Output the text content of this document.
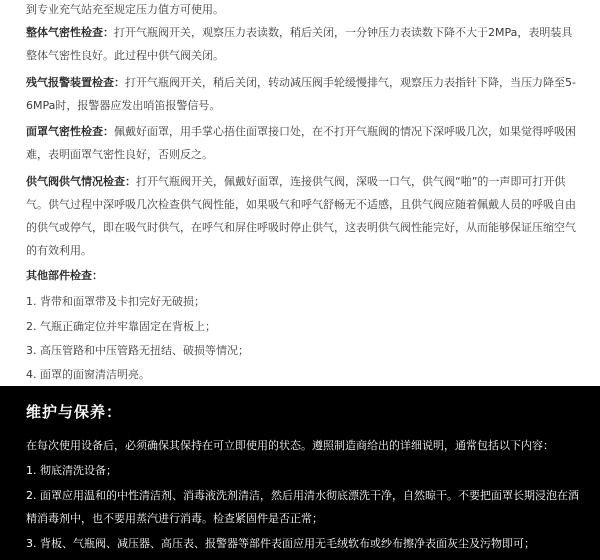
到专业充气站充至规定压力值方可使用。

整体气密性检查：打开气瓶阀开关，观察压力表读数，稍后关闭，一分钟压力表读数下降不大于2MPa，表明装具整体气密性良好。此过程中供气阀关闭。

残气报警装置检查：打开气瓶阀开关，稍后关闭，转动减压阀手轮缓慢排气，观察压力表指针下降，当压力降至5-6MPa时，报警器应发出哨笛报警信号。

面罩气密性检查：佩戴好面罩，用手掌心捂住面罩接口处，在不打开气瓶阀的情况下深呼吸几次，如果觉得呼吸困难，表明面罩气密性良好，否则反之。

供气阀供气情况检查：打开气瓶阀开关，佩戴好面罩，连接供气阀，深吸一口气，供气阀“啪”的一声即可打开供气。供气过程中深呼吸几次检查供气阀性能，如果吸气和呼气舒畅无不适感，且供气阀应随着佩戴人员的呼吸自由的供气或停气，即在吸气时供气，在呼气和屏住呼吸时停止供气，这表明供气阀性能完好，从而能够保证压缩空气的有效利用。

其他部件检查：

1. 背带和面罩带及卡扣完好无破损；

2. 气瓶正确定位并牢靠固定在背板上；

3. 高压管路和中压管路无扭结、破损等情况；

4. 面罩的面窗清洁明亮。

维护与保养：

在每次使用设备后，必须确保其保持在可立即使用的状态。遵照制造商给出的详细说明，通常包括以下内容：

1. 彻底清洗设备；

2. 面罩应用温和的中性清洁剂、消毒液洗剂清洁，然后用清水彻底漂洗干净，自然晾干。不要把面罩长期浸泡在酒精消毒剂中，也不要用蒸汽进行消毒。检查紧固件是否正常；

3. 背板、气瓶阀、减压器、高压表、报警器等部件表面应用无毛绒软布或纱布擦净表面灰尘及污物即可；
